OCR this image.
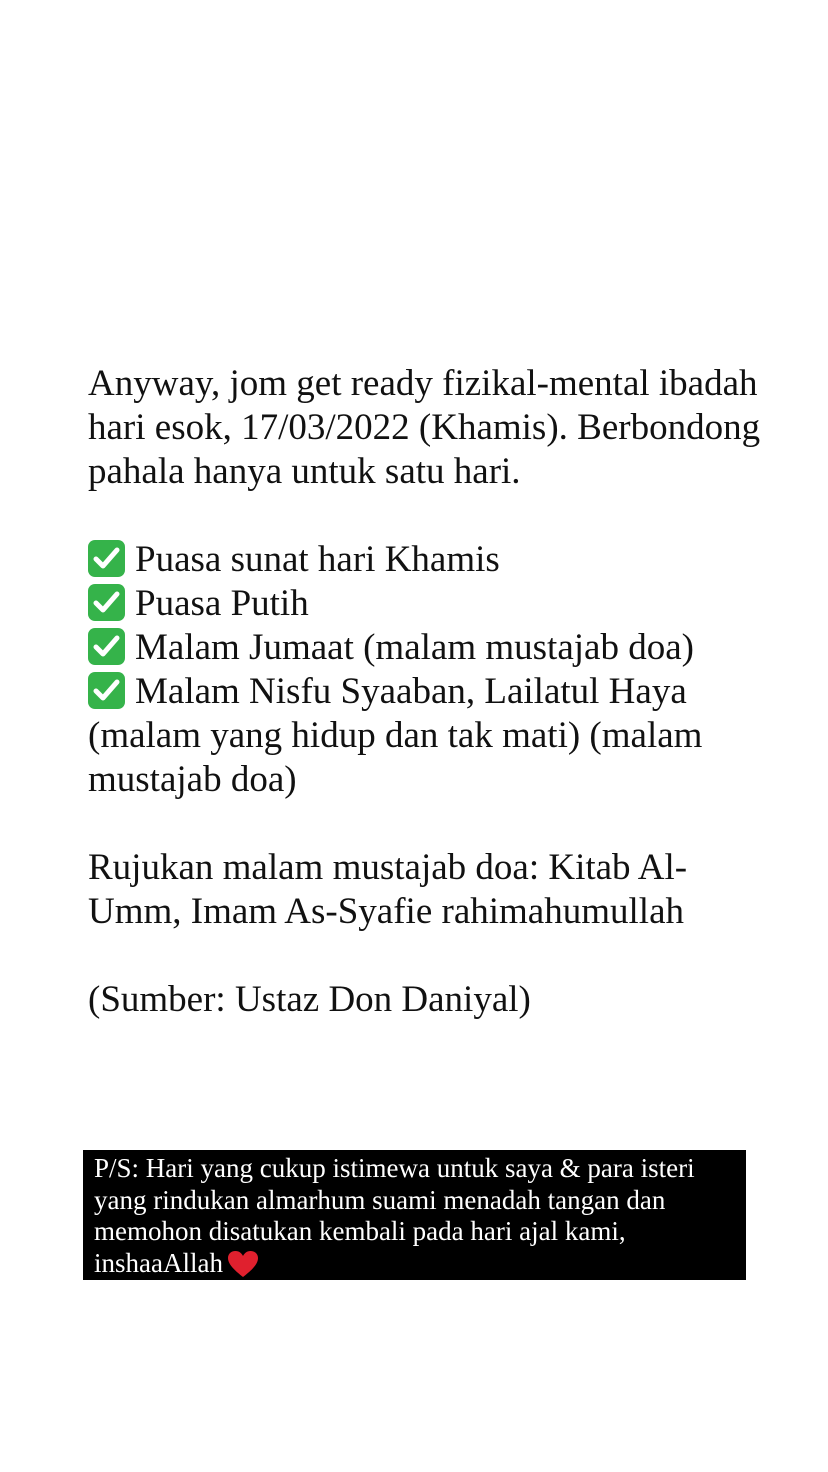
Anyway, jom get ready fizikal-mental ibadah hari esok, 17/03/2022 (Khamis). Berbondong pahala hanya untuk satu hari.

Puasa sunat hari Khamis
Puasa Putih
Malam Jumaat (malam mustajab doa)
Malam Nisfu Syaaban, Lailatul Haya (malam yang hidup dan tak mati) (malam mustajab doa)

Rujukan malam mustajab doa: Kitab Al-Umm, Imam As-Syafie rahimahumullah

(Sumber: Ustaz Don Daniyal)

P/S: Hari yang cukup istimewa untuk saya & para isteri yang rindukan almarhum suami menadah tangan dan memohon disatukan kembali pada hari ajal kami, inshaaAllah
